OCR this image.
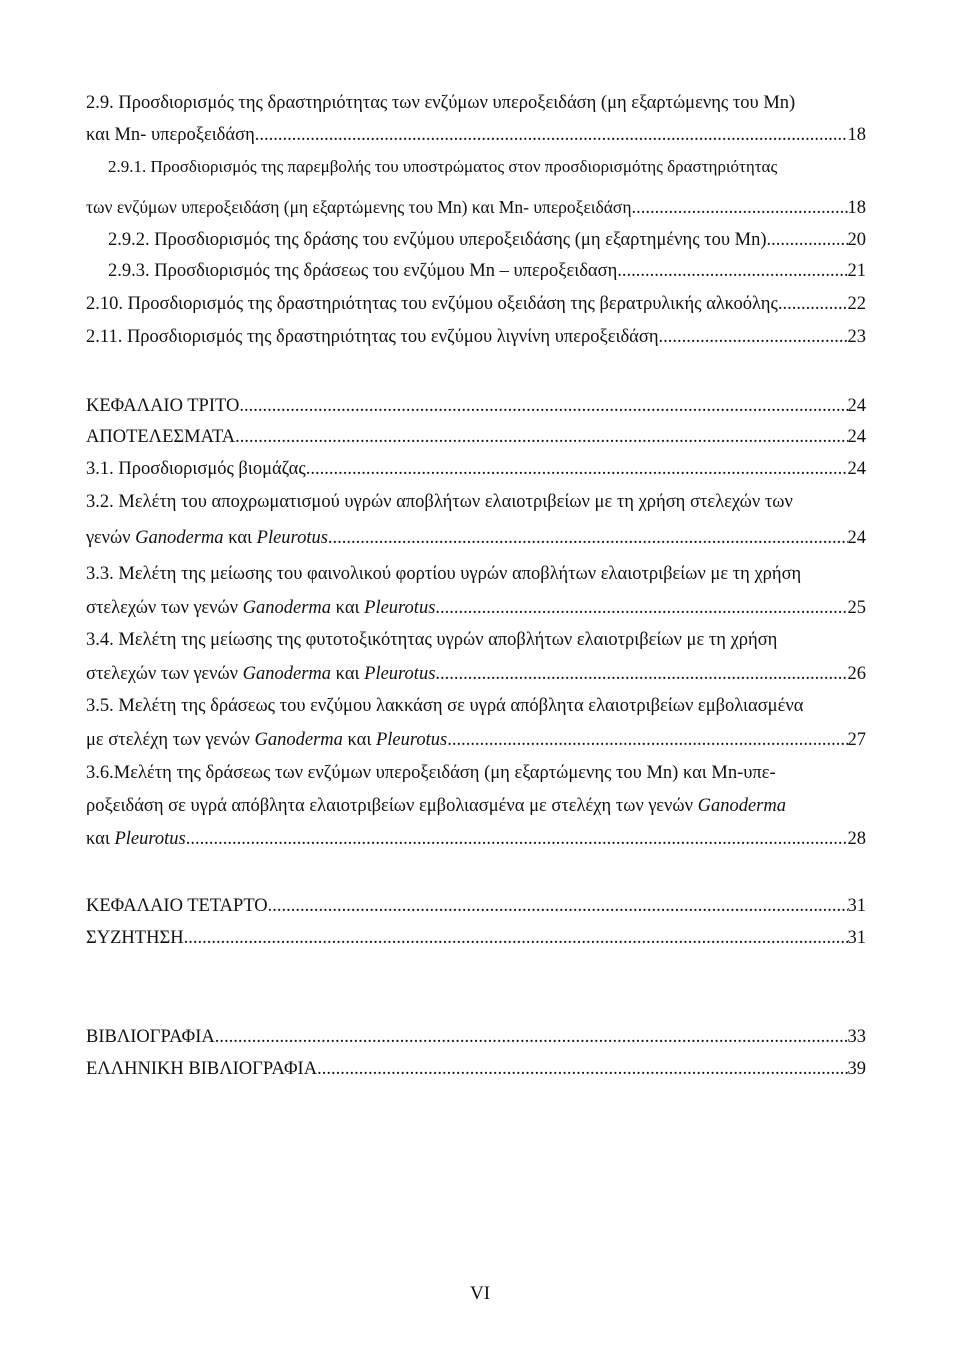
2.9. Προσδιορισμός της δραστηριότητας των ενζύμων υπεροξειδάση (μη εξαρτώμενης του Mn)
και Mn- υπεροξειδάση .....	18
2.9.1. Προσδιορισμός της παρεμβολής του υποστρώματος στον προσδιορισμότης δραστηριότητας
των ενζύμων υπεροξειδάση (μη εξαρτώμενης του Mn) και Mn- υπεροξειδάση .....	18
2.9.2. Προσδιορισμός της δράσης του ενζύμου υπεροξειδάσης (μη εξαρτημένης του Mn) .....	20
2.9.3. Προσδιορισμός της δράσεως του ενζύμου Mn – υπεροξειδαση .....	21
2.10. Προσδιορισμός της δραστηριότητας του ενζύμου οξειδάση της βερατρυλικής αλκοόλης .....	22
2.11. Προσδιορισμός της δραστηριότητας του ενζύμου λιγνίνη υπεροξειδάση .....	23
ΚΕΦΑΛΑΙΟ ΤΡΙΤΟ .....	24
ΑΠΟΤΕΛΕΣΜΑΤΑ .....	24
3.1. Προσδιορισμός βιομάζας .....	24
3.2. Μελέτη του αποχρωματισμού υγρών αποβλήτων ελαιοτριβείων με τη χρήση στελεχών των
γενών Ganoderma και Pleurotus. .....	24
3.3. Μελέτη της μείωσης του φαινολικού φορτίου υγρών αποβλήτων ελαιοτριβείων με τη χρήση
στελεχών των γενών Ganoderma και Pleurotus. .....	25
3.4. Μελέτη της μείωσης της φυτοτοξικότητας υγρών αποβλήτων ελαιοτριβείων με τη χρήση
στελεχών των γενών Ganoderma και Pleurotus. .....	26
3.5. Μελέτη της δράσεως του ενζύμου λακκάση σε υγρά απόβλητα ελαιοτριβείων εμβολιασμένα
με στελέχη των γενών Ganoderma και Pleurotus .....	27
3.6.Μελέτη της δράσεως των ενζύμων υπεροξειδάση (μη εξαρτώμενης του Mn) και Mn-υπε-
ροξειδάση σε υγρά απόβλητα ελαιοτριβείων εμβολιασμένα με στελέχη των γενών Ganoderma
και Pleurotus .....	28
ΚΕΦΑΛΑΙΟ ΤΕΤΑΡΤΟ .....	31
ΣΥΖΗΤΗΣΗ .....	31
ΒΙΒΛΙΟΓΡΑΦΙΑ .....	33
ΕΛΛΗΝΙΚΗ ΒΙΒΛΙΟΓΡΑΦΙΑ .....	39
VI
